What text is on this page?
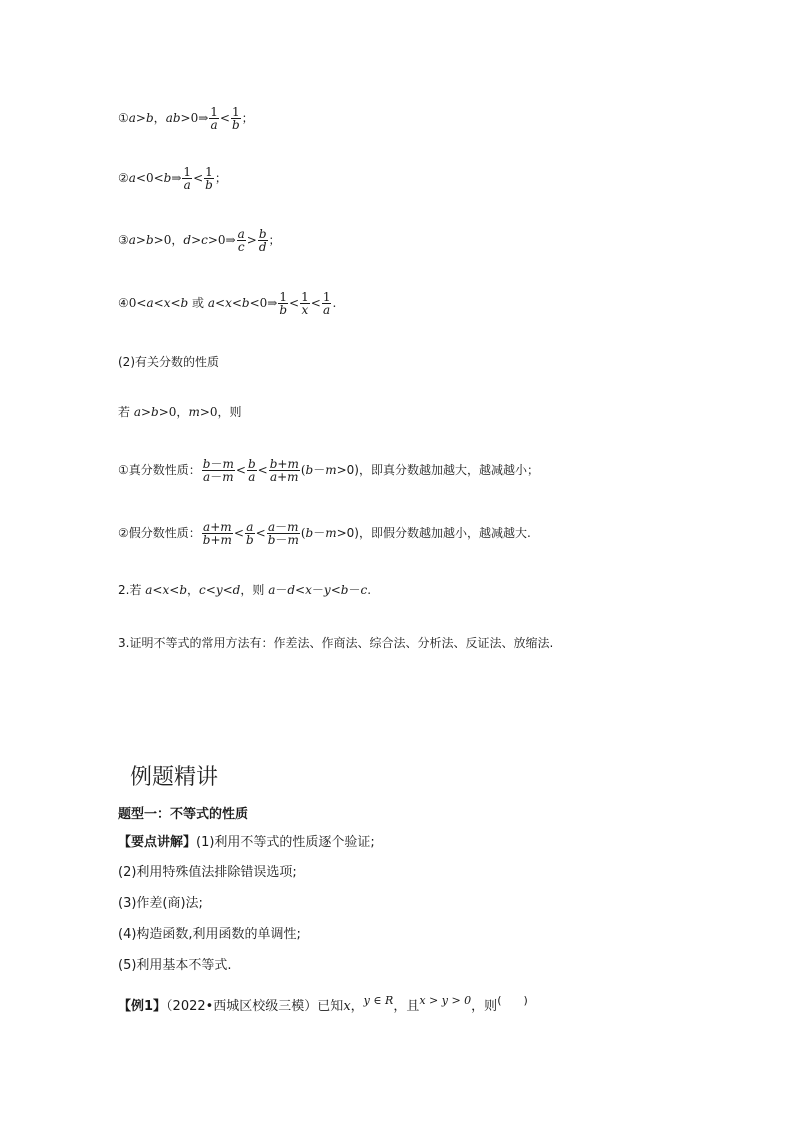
①a>b，ab>0⇒ $\frac{1}{a} < \frac{1}{b}$ ；
②a<0<b⇒ $\frac{1}{a} < \frac{1}{b}$ ；
③a>b>0，d>c>0⇒ $\frac{a}{c} > \frac{b}{d}$ ；
④0<a<x<b 或 a<x<b<0⇒ $\frac{1}{b} < \frac{1}{x} < \frac{1}{a}$ .
(2)有关分数的性质
若 a>b>0，m>0，则
①真分数性质： $\frac{b-m}{a-m} < \frac{b}{a} < \frac{b+m}{a+m} (b-m>0)$，即真分数越加越大，越减越小；
②假分数性质： $\frac{a+m}{b+m} < \frac{a}{b} < \frac{a-m}{b-m} (b-m>0)$，即假分数越加越小，越减越大.
2.若 a<x<b，c<y<d，则 a－d<x－y<b－c.
3.证明不等式的常用方法有：作差法、作商法、综合法、分析法、反证法、放缩法.
例题精讲
题型一：不等式的性质
【要点讲解】(1)利用不等式的性质逐个验证;
(2)利用特殊值法排除错误选项;
(3)作差(商)法;
(4)构造函数,利用函数的单调性;
(5)利用基本不等式.
【例1】（2022•西城区校级三模）已知x，$^{y \in R}$，且$^{x > y > 0}$，则(　　)
